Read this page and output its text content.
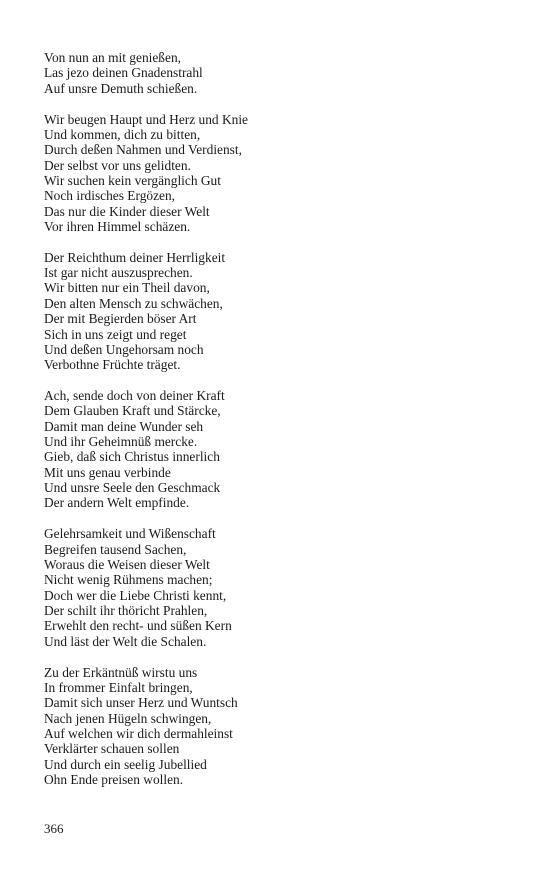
Von nun an mit genießen,
Las jezo deinen Gnadenstrahl
Auf unsre Demuth schießen.
Wir beugen Haupt und Herz und Knie
Und kommen, dich zu bitten,
Durch deßen Nahmen und Verdienst,
Der selbst vor uns gelidten.
Wir suchen kein vergänglich Gut
Noch irdisches Ergözen,
Das nur die Kinder dieser Welt
Vor ihren Himmel schäzen.
Der Reichthum deiner Herrligkeit
Ist gar nicht auszusprechen.
Wir bitten nur ein Theil davon,
Den alten Mensch zu schwächen,
Der mit Begierden böser Art
Sich in uns zeigt und reget
Und deßen Ungehorsam noch
Verbothne Früchte träget.
Ach, sende doch von deiner Kraft
Dem Glauben Kraft und Stärcke,
Damit man deine Wunder seh
Und ihr Geheimnüß mercke.
Gieb, daß sich Christus innerlich
Mit uns genau verbinde
Und unsre Seele den Geschmack
Der andern Welt empfinde.
Gelehrsamkeit und Wißenschaft
Begreifen tausend Sachen,
Woraus die Weisen dieser Welt
Nicht wenig Rühmens machen;
Doch wer die Liebe Christi kennt,
Der schilt ihr thöricht Prahlen,
Erwehlt den recht- und süßen Kern
Und läst der Welt die Schalen.
Zu der Erkäntnüß wirstu uns
In frommer Einfalt bringen,
Damit sich unser Herz und Wuntsch
Nach jenen Hügeln schwingen,
Auf welchen wir dich dermahleinst
Verklärter schauen sollen
Und durch ein seelig Jubellied
Ohn Ende preisen wollen.
366
